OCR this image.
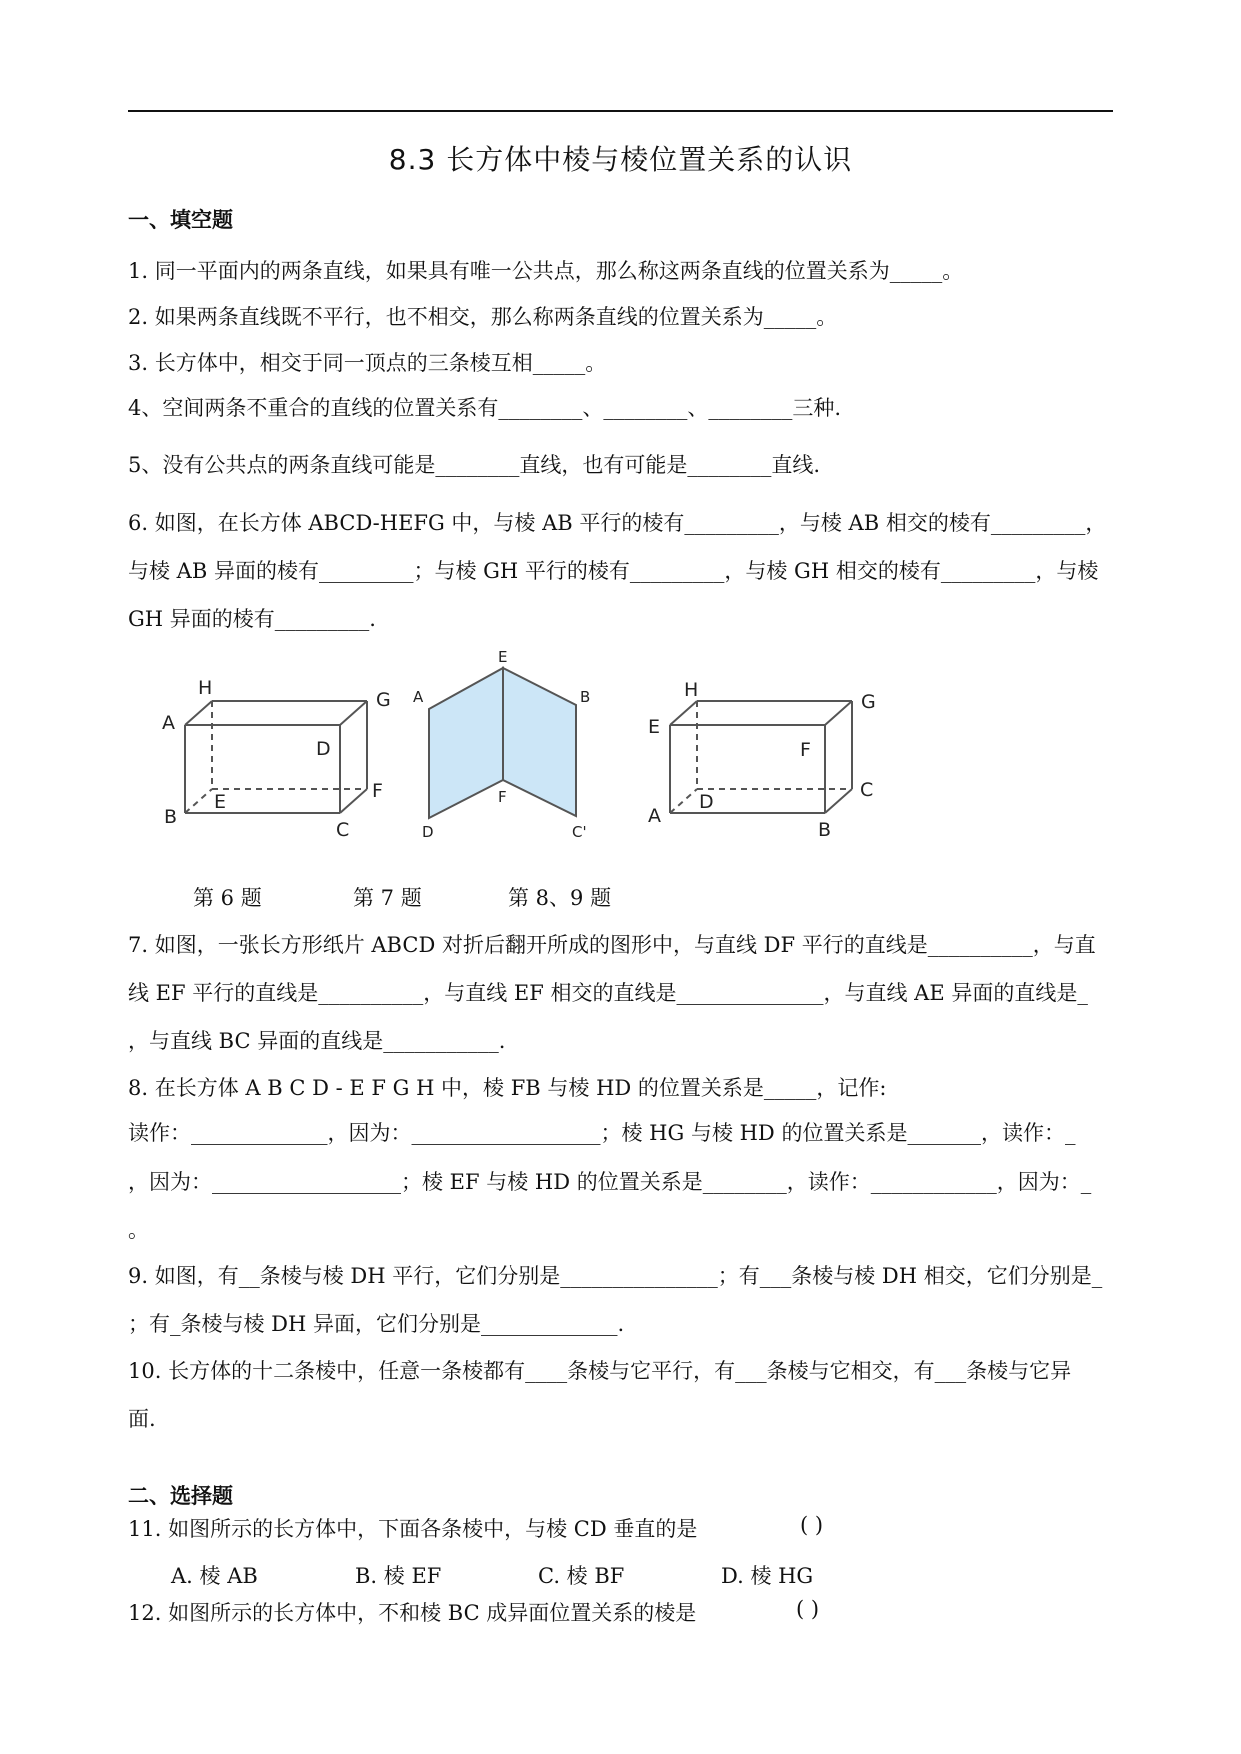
8.3 长方体中棱与棱位置关系的认识
一、填空题
1. 同一平面内的两条直线，如果具有唯一公共点，那么称这两条直线的位置关系为_____。
2. 如果两条直线既不平行，也不相交，那么称两条直线的位置关系为_____。
3. 长方体中，相交于同一顶点的三条棱互相_____。
4、空间两条不重合的直线的位置关系有________、________、________三种.
5、没有公共点的两条直线可能是________直线，也有可能是________直线.
6. 如图，在长方体 ABCD-HEFG 中，与棱 AB 平行的棱有_________，与棱 AB 相交的棱有_________，
与棱 AB 异面的棱有_________；与棱 GH 平行的棱有_________，与棱 GH 相交的棱有_________，与棱
GH 异面的棱有_________.
H
G
A
D
F
B
E
C
E
A	B
F
D	C'
H
G
E
F
C
A
D
B
第 6 题	第 7 题	第 8、9 题
7. 如图，一张长方形纸片 ABCD 对折后翻开所成的图形中，与直线 DF 平行的直线是__________，与直
线 EF 平行的直线是__________，与直线 EF 相交的直线是______________，与直线 AE 异面的直线是_
，与直线 BC 异面的直线是___________.
8. 在长方体 A B C D - E F G H 中，棱 FB 与棱 HD 的位置关系是_____，记作:
读作：_____________，因为：__________________；棱 HG 与棱 HD 的位置关系是_______，读作：_
，因为：__________________；棱 EF 与棱 HD 的位置关系是________，读作：____________，因为：_
。
9. 如图，有__条棱与棱 DH 平行，它们分别是_______________；有___条棱与棱 DH 相交，它们分别是_
；有_条棱与棱 DH 异面，它们分别是_____________.
10. 长方体的十二条棱中，任意一条棱都有____条棱与它平行，有___条棱与它相交，有___条棱与它异
面.
二、选择题
11. 如图所示的长方体中，下面各条棱中，与棱 CD 垂直的是	( )
A. 棱 AB	B. 棱 EF	C. 棱 BF	D. 棱 HG
12. 如图所示的长方体中，不和棱 BC 成异面位置关系的棱是	( )
